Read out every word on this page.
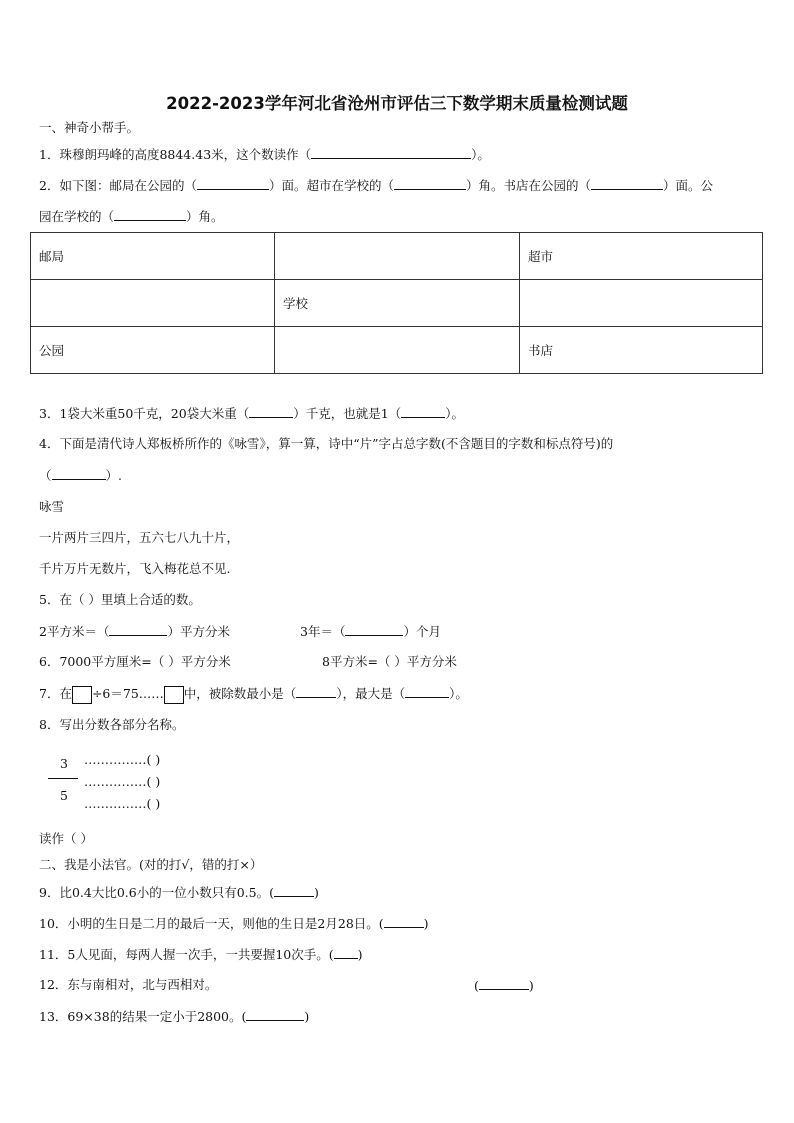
2022-2023学年河北省沧州市评估三下数学期末质量检测试题
一、神奇小帮手。
1．珠穆朗玛峰的高度8844.43米，这个数读作（	）。
2．如下图：邮局在公园的（	）面。超市在学校的（	）角。书店在公园的（	）面。公
园在学校的（	）角。
邮局		超市
	学校	
公园		书店
3．1袋大米重50千克，20袋大米重（	）千克，也就是1（	）。
4．下面是清代诗人郑板桥所作的《咏雪》，算一算，诗中“片”字占总字数(不含题目的字数和标点符号)的
（	）.
咏雪
一片两片三四片，五六七八九十片，
千片万片无数片，飞入梅花总不见.
5．在（ ）里填上合适的数。
2平方米＝（	）平方分米	3年＝（	）个月
6．7000平方厘米=（ ）平方分米	8平方米=（ ）平方分米
7．在 ÷6＝75…… 中，被除数最小是（	），最大是（	）。
8．写出分数各部分名称。
3
5
……………( )
……………( )
……………( )
读作（ ）
二、我是小法官。(对的打√，错的打×）
9．比0.4大比0.6小的一位小数只有0.5。(	)
10．小明的生日是二月的最后一天，则他的生日是2月28日。(	)
11．5人见面，每两人握一次手，一共要握10次手。( )
12．东与南相对，北与西相对。	(	)
13．69×38的结果一定小于2800。(	)
